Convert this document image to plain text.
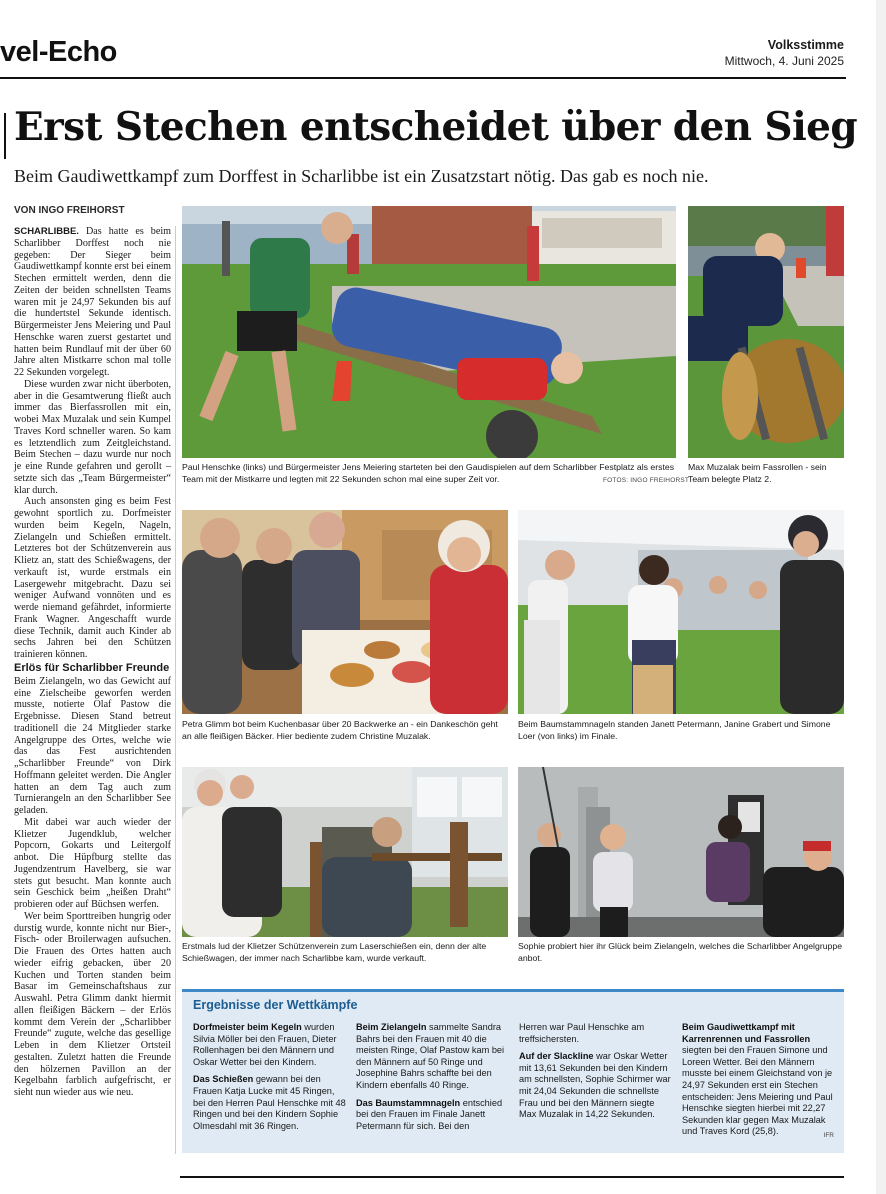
vel-Echo	Volksstimme
Mittwoch, 4. Juni 2025
Erst Stechen entscheidet über den Sieg
Beim Gaudiwettkampf zum Dorffest in Scharlibbe ist ein Zusatzstart nötig. Das gab es noch nie.
VON INGO FREIHORST

SCHARLIBBE. Das hatte es beim Scharlibber Dorffest noch nie gegeben: Der Sieger beim Gaudiwettkampf konnte erst bei einem Stechen ermittelt werden, denn die Zeiten der beiden schnellsten Teams waren mit je 24,97 Sekunden bis auf die hundertstel Sekunde identisch. Bürgermeister Jens Meiering und Paul Henschke waren zuerst gestartet und hatten beim Rundlauf mit der über 60 Jahre alten Mistkarre schon mal tolle 22 Sekunden vorgelegt.

Diese wurden zwar nicht überboten, aber in die Gesamtwerung fließt auch immer das Bierfassrollen mit ein, wobei Max Muzalak und sein Kumpel Traves Kord schneller waren. So kam es letztendlich zum Zeitgleichstand. Beim Stechen – dazu wurde nur noch je eine Runde gefahren und gerollt – setzte sich das „Team Bürgermeister“ klar durch.

Auch ansonsten ging es beim Fest gewohnt sportlich zu. Dorfmeister wurden beim Kegeln, Nageln, Zielangeln und Schießen ermittelt. Letzteres bot der Schützenverein aus Klietz an, statt des Schießwagens, der verkauft ist, wurde erstmals ein Lasergewehr mitgebracht. Dazu sei weniger Aufwand vonnöten und es werde niemand gefährdet, informierte Frank Wagner. Angeschafft wurde diese Technik, damit auch Kinder ab sechs Jahren bei den Schützen trainieren können.

Erlös für Scharlibber Freunde

Beim Zielangeln, wo das Gewicht auf eine Zielscheibe geworfen werden musste, notierte Olaf Pastow die Ergebnisse. Diesen Stand betreut traditionell die 24 Mitglieder starke Angelgruppe des Ortes, welche wie das das Fest ausrichtenden „Scharlibber Freunde“ von Dirk Hoffmann geleitet werden. Die Angler hatten an dem Tag auch zum Turnierangeln an den Scharlibber See geladen.

Mit dabei war auch wieder der Klietzer Jugendklub, welcher Popcorn, Gokarts und Leitergolf anbot. Die Hüpfburg stellte das Jugendzentrum Havelberg, sie war stets gut besucht. Man konnte auch sein Geschick beim „heißen Draht“ probieren oder auf Büchsen werfen.

Wer beim Sporttreiben hungrig oder durstig wurde, konnte nicht nur Bier-, Fisch- oder Broilerwagen aufsuchen. Die Frauen des Ortes hatten auch wieder eifrig gebacken, über 20 Kuchen und Torten standen beim Basar im Gemeinschaftshaus zur Auswahl. Petra Glimm dankt hiermit allen fleißigen Bäckern – der Erlös kommt dem Verein der „Scharlibber Freunde“ zugute, welche das gesellige Leben in dem Klietzer Ortsteil gestalten. Zuletzt hatten die Freunde den hölzernen Pavillon an der Kegelbahn farblich aufgefrischt, er sieht nun wieder aus wie neu.

Paul Henschke (links) und Bürgermeister Jens Meiering starteten bei den Gaudispielen auf dem Scharlibber Festplatz als erstes Team mit der Mistkarre und legten mit 22 Sekunden schon mal eine super Zeit vor.	FOTOS: INGO FREIHORST
Max Muzalak beim Fassrollen - sein Team belegte Platz 2.
Petra Glimm bot beim Kuchenbasar über 20 Backwerke an - ein Dankeschön geht an alle fleißigen Bäcker. Hier bediente zudem Christine Muzalak.
Beim Baumstammnageln standen Janett Petermann, Janine Grabert und Simone Loer (von links) im Finale.
Erstmals lud der Klietzer Schützenverein zum Laserschießen ein, denn der alte Schießwagen, der immer nach Scharlibbe kam, wurde verkauft.
Sophie probiert hier ihr Glück beim Zielangeln, welches die Scharlibber Angelgruppe anbot.
Ergebnisse der Wettkämpfe

Dorfmeister beim Kegeln wurden Silvia Möller bei den Frauen, Dieter Rollenhagen bei den Männern und Oskar Wetter bei den Kindern.

Das Schießen gewann bei den Frauen Katja Lucke mit 45 Ringen, bei den Herren Paul Henschke mit 48 Ringen und bei den Kindern Sophie Olmesdahl mit 36 Ringen.

Beim Zielangeln sammelte Sandra Bahrs bei den Frauen mit 40 die meisten Ringe, Olaf Pastow kam bei den Männern auf 50 Ringe und Josephine Bahrs schaffte bei den Kindern ebenfalls 40 Ringe.

Das Baumstammnageln entschied bei den Frauen im Finale Janett Petermann für sich. Bei den

Herren war Paul Henschke am treffsichersten.

Auf der Slackline war Oskar Wetter mit 13,61 Sekunden bei den Kindern am schnellsten, Sophie Schirmer war mit 24,04 Sekunden die schnellste Frau und bei den Männern siegte Max Muzalak in 14,22 Sekunden.

Beim Gaudiwettkampf mit Karrenrennen und Fassrollen siegten bei den Frauen Simone und Loreen Wetter. Bei den Männern musste bei einem Gleichstand von je 24,97 Sekunden erst ein Stechen entscheiden: Jens Meiering und Paul Henschke siegten hierbei mit 22,27 Sekunden klar gegen Max Muzalak und Traves Kord (25,8).	IFR
